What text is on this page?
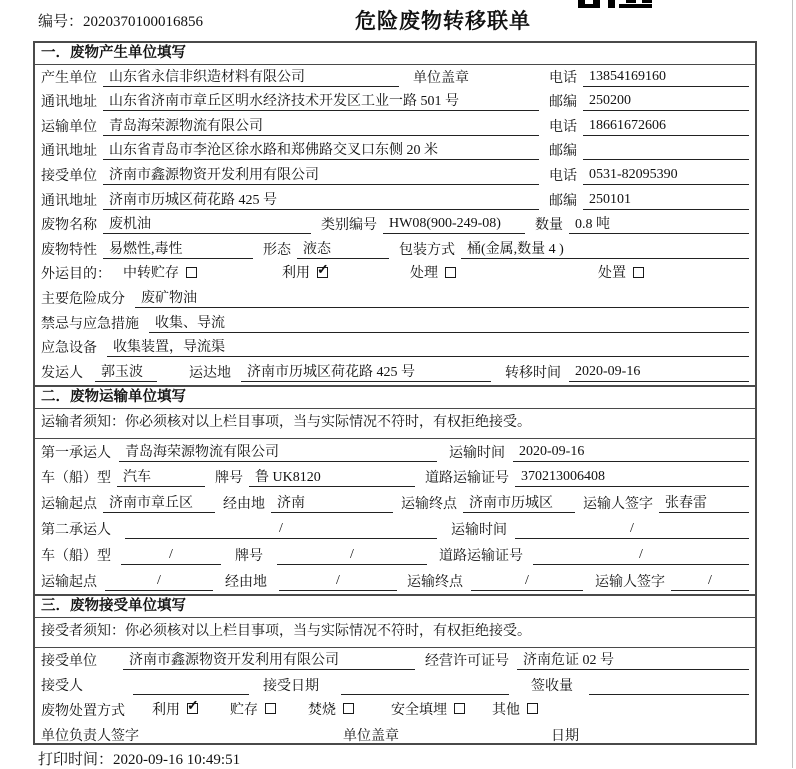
编号：2020370100016856	危险废物转移联单
一．废物产生单位填写
产生单位 山东省永信非织造材料有限公司	单位盖章	电话 13854169160
通讯地址 山东省济南市章丘区明水经济技术开发区工业一路 501 号	邮编 250200
运输单位 青岛海荣源物流有限公司	电话 18661672606
通讯地址 山东省青岛市李沧区徐水路和郑佛路交叉口东侧 20 米	邮编
接受单位 济南市鑫源物资开发利用有限公司	电话 0531-82095390
通讯地址 济南市历城区荷花路 425 号	邮编 250101
废物名称 废机油	类别编号 HW08(900-249-08)	数量 0.8 吨
废物特性 易燃性,毒性	形态 液态	包装方式 桶(金属,数量 4 )
外运目的： 中转贮存	利用 ✓	处理	处置
主要危险成分	废矿物油
禁忌与应急措施	收集、导流
应急设备	收集装置，导流渠
发运人	郭玉波	运达地	济南市历城区荷花路 425 号	转移时间	2020-09-16
二．废物运输单位填写
运输者须知：你必须核对以上栏目事项，当与实际情况不符时，有权拒绝接受。
第一承运人	青岛海荣源物流有限公司	运输时间	2020-09-16
车（船）型 汽车	牌号 鲁 UK8120	道路运输证号 370213006408
运输起点 济南市章丘区	经由地 济南	运输终点 济南市历城区	运输人签字 张春雷
第二承运人	/	运输时间	/
车（船）型	/	牌号	/	道路运输证号	/
运输起点	/	经由地	/	运输终点	/	运输人签字	/
三．废物接受单位填写
接受者须知：你必须核对以上栏目事项，当与实际情况不符时，有权拒绝接受。
接受单位	济南市鑫源物资开发利用有限公司	经营许可证号	济南危证 02 号
接受人	接受日期	签收量
废物处置方式 利用 ✓	贮存	焚烧	安全填埋	其他
单位负责人签字	单位盖章	日期
打印时间：2020-09-16 10:49:51
